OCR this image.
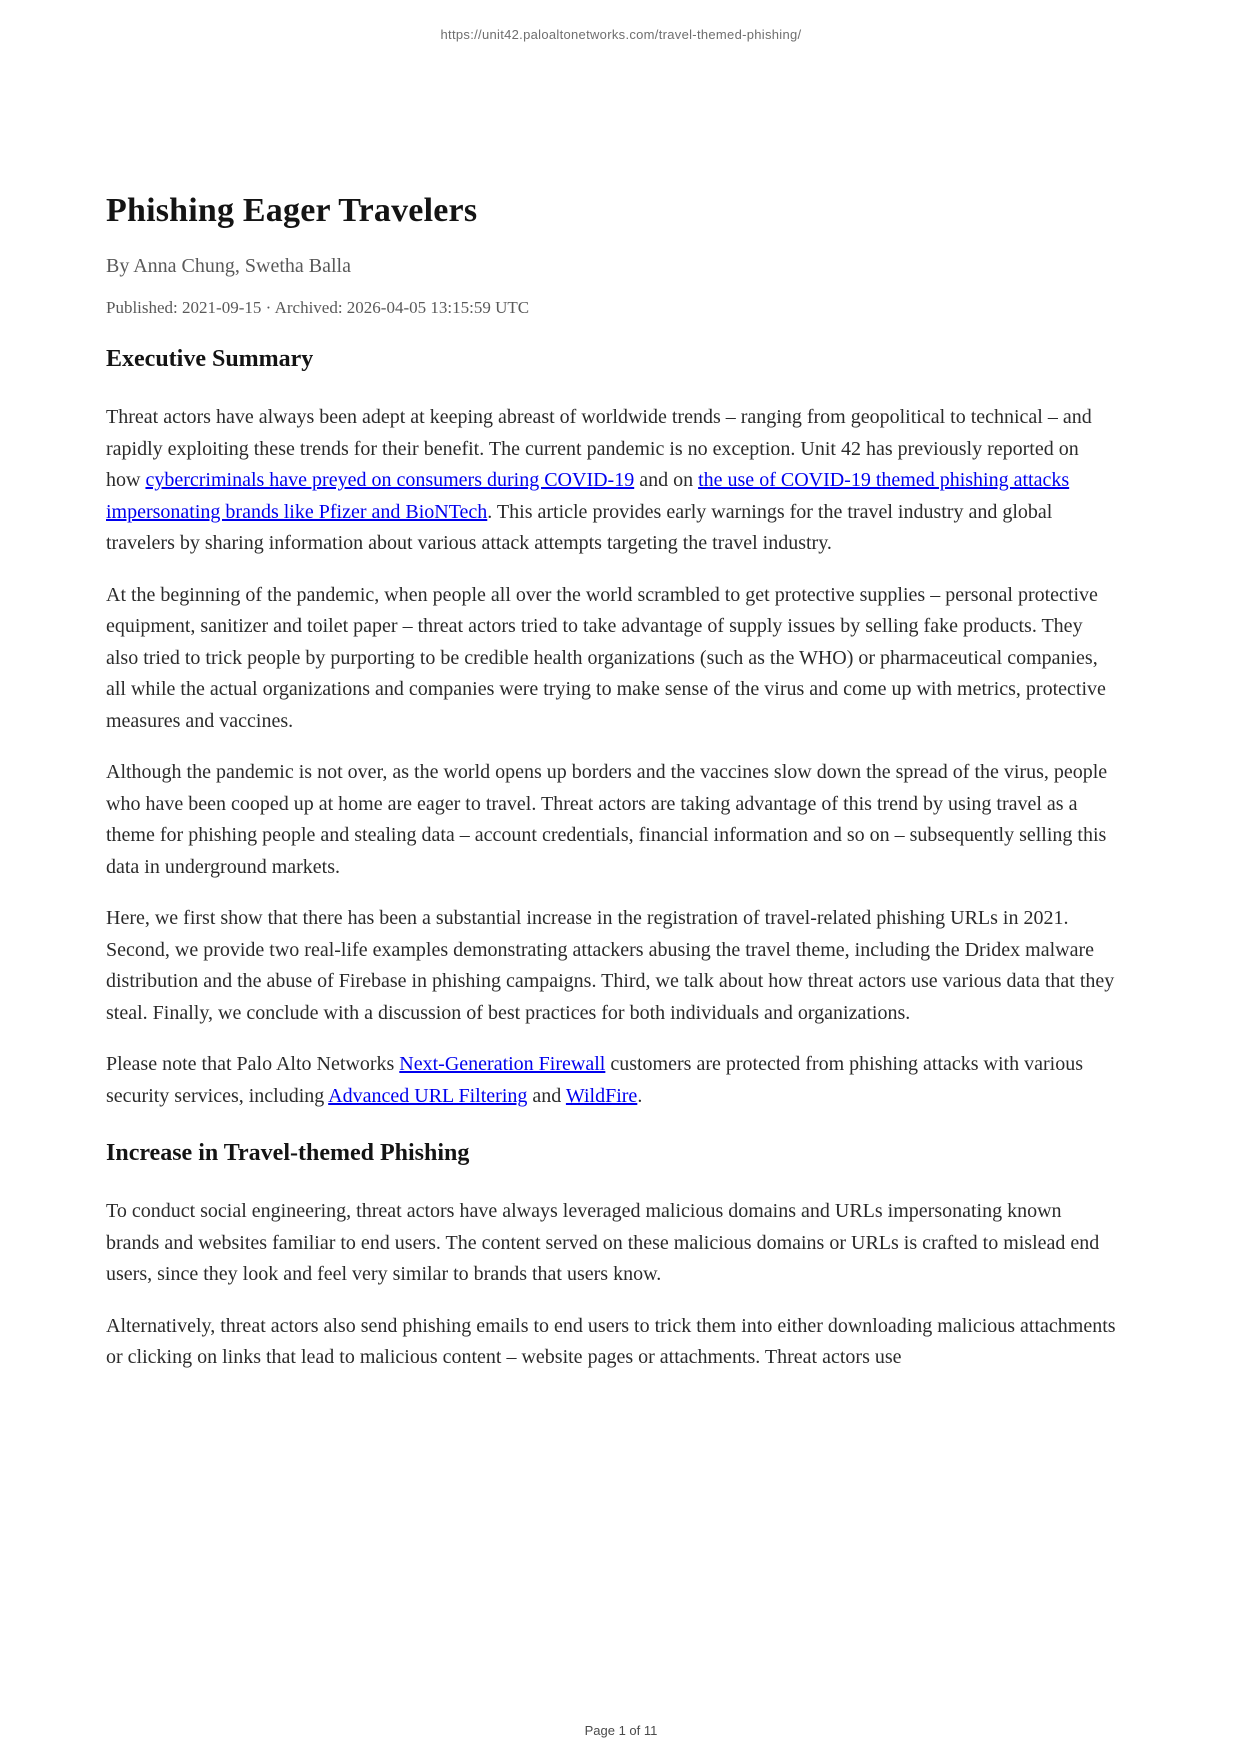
https://unit42.paloaltonetworks.com/travel-themed-phishing/
Phishing Eager Travelers

By Anna Chung, Swetha Balla

Published: 2021-09-15 · Archived: 2026-04-05 13:15:59 UTC

Executive Summary

Threat actors have always been adept at keeping abreast of worldwide trends – ranging from geopolitical to technical – and rapidly exploiting these trends for their benefit. The current pandemic is no exception. Unit 42 has previously reported on how cybercriminals have preyed on consumers during COVID-19 and on the use of COVID-19 themed phishing attacks impersonating brands like Pfizer and BioNTech. This article provides early warnings for the travel industry and global travelers by sharing information about various attack attempts targeting the travel industry.

At the beginning of the pandemic, when people all over the world scrambled to get protective supplies – personal protective equipment, sanitizer and toilet paper – threat actors tried to take advantage of supply issues by selling fake products. They also tried to trick people by purporting to be credible health organizations (such as the WHO) or pharmaceutical companies, all while the actual organizations and companies were trying to make sense of the virus and come up with metrics, protective measures and vaccines.

Although the pandemic is not over, as the world opens up borders and the vaccines slow down the spread of the virus, people who have been cooped up at home are eager to travel. Threat actors are taking advantage of this trend by using travel as a theme for phishing people and stealing data – account credentials, financial information and so on – subsequently selling this data in underground markets.

Here, we first show that there has been a substantial increase in the registration of travel-related phishing URLs in 2021. Second, we provide two real-life examples demonstrating attackers abusing the travel theme, including the Dridex malware distribution and the abuse of Firebase in phishing campaigns. Third, we talk about how threat actors use various data that they steal. Finally, we conclude with a discussion of best practices for both individuals and organizations.

Please note that Palo Alto Networks Next-Generation Firewall customers are protected from phishing attacks with various security services, including Advanced URL Filtering and WildFire.

Increase in Travel-themed Phishing

To conduct social engineering, threat actors have always leveraged malicious domains and URLs impersonating known brands and websites familiar to end users. The content served on these malicious domains or URLs is crafted to mislead end users, since they look and feel very similar to brands that users know.

Alternatively, threat actors also send phishing emails to end users to trick them into either downloading malicious attachments or clicking on links that lead to malicious content – website pages or attachments. Threat actors use

Page 1 of 11
